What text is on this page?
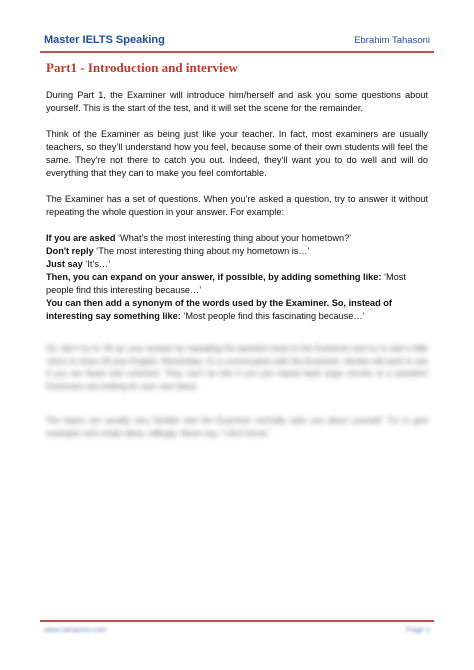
Master IELTS Speaking	Ebrahim Tahasoni
Part1 - Introduction and interview

During Part 1, the Examiner will introduce him/herself and ask you some questions about yourself. This is the start of the test, and it will set the scene for the remainder.

Think of the Examiner as being just like your teacher. In fact, most examiners are usually teachers, so they’ll understand how you feel, because some of their own students will feel the same. They’re not there to catch you out. Indeed, they’ll want you to do well and will do everything that they can to make you feel comfortable.

The Examiner has a set of questions. When you’re asked a question, try to answer it without repeating the whole question in your answer. For example:

If you are asked ‘What’s the most interesting thing about your hometown?’

Don't reply ‘The most interesting thing about my hometown is…’

Just say ‘It’s…’

Then, you can expand on your answer, if possible, by adding something like: ‘Most people find this interesting because…’

You can then add a synonym of the words used by the Examiner. So, instead of interesting say something like: ‘Most people find this fascinating because…’

So, don’t try to ‘fill up’ your answer by repeating the question back to the Examiner and try to add a little ‘extra’ to show off your English. Remember, it’s a conversation with the Examiner. He/she will want to see if you are fluent and coherent. They can’t do this if you just repeat back large chunks of a question! Examiners are looking for your own ideas.

The topics are usually very familiar and the Examiner normally asks you about yourself. Try to give examples and create ideas, willingly. Never say, ‘I don’t know.’

www.tahasoni.com	Page 1
